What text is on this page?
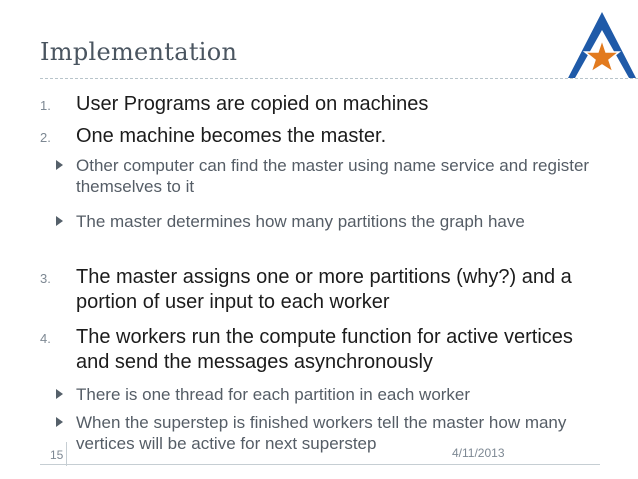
Implementation
1. User Programs are copied on machines
2. One machine becomes the master.
Other computer can find the master using name service and register themselves to it
The master determines how many partitions the graph have
3. The master assigns one or more partitions (why?) and a portion of user input to each worker
4. The workers run the compute function for active vertices and send the messages asynchronously
There is one thread for each partition in each worker
When the superstep is finished workers tell the master how many vertices will be active for next superstep
15	4/11/2013
